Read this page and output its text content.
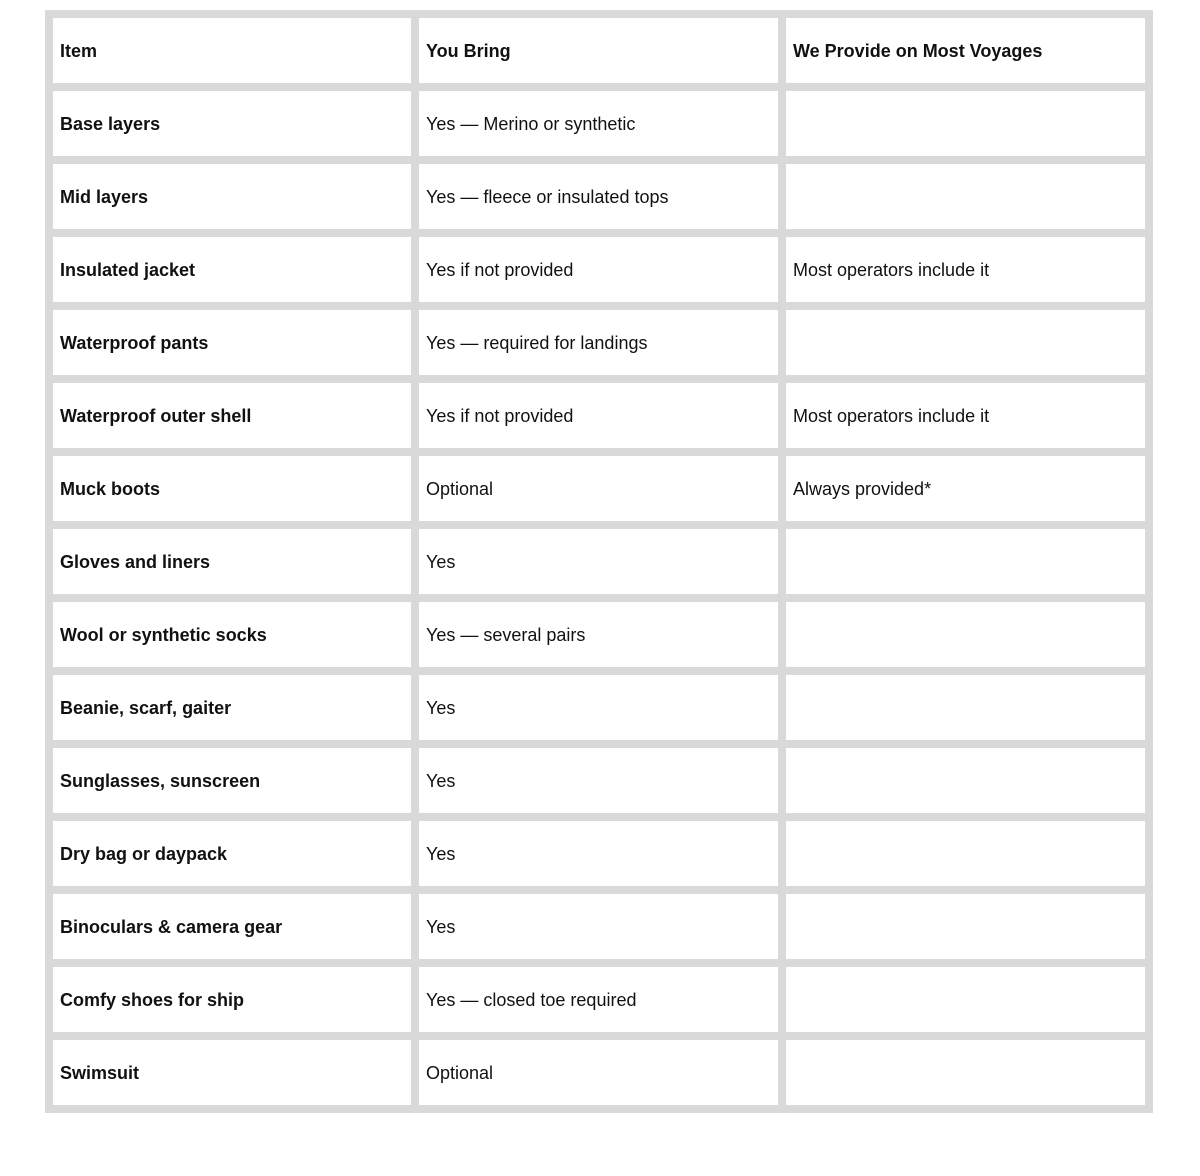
Item	You Bring	We Provide on Most Voyages
Base layers	Yes — Merino or synthetic	
Mid layers	Yes — fleece or insulated tops	
Insulated jacket	Yes if not provided	Most operators include it
Waterproof pants	Yes — required for landings	
Waterproof outer shell	Yes if not provided	Most operators include it
Muck boots	Optional	Always provided*
Gloves and liners	Yes	
Wool or synthetic socks	Yes — several pairs	
Beanie, scarf, gaiter	Yes	
Sunglasses, sunscreen	Yes	
Dry bag or daypack	Yes	
Binoculars & camera gear	Yes	
Comfy shoes for ship	Yes — closed toe required	
Swimsuit	Optional	
